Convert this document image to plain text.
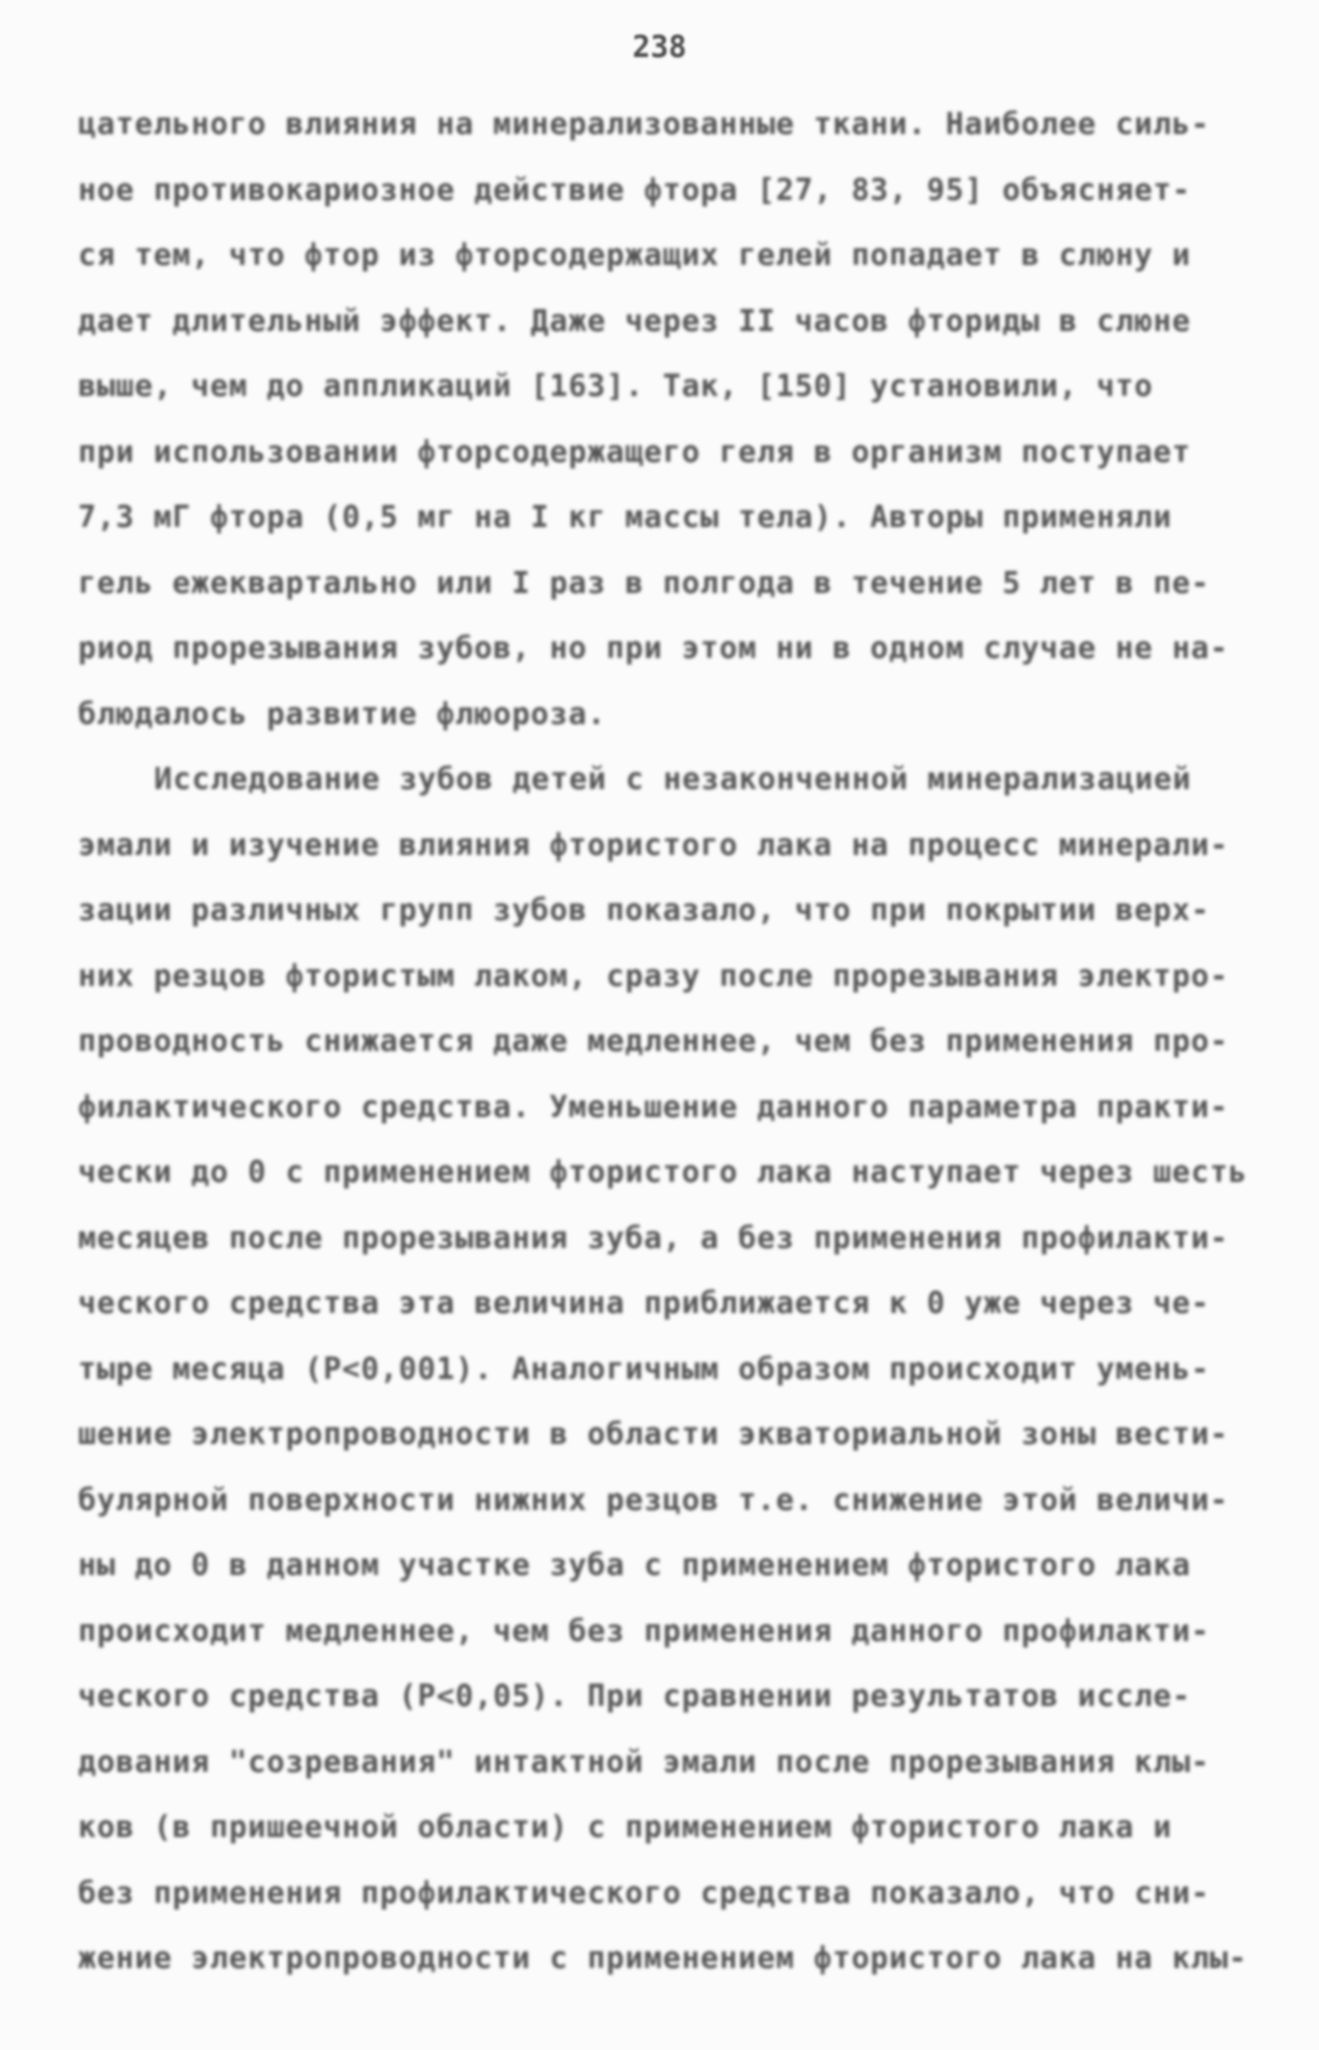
238
цательного влияния на минерализованные ткани. Наиболее силь-
ное противокариозное действие фтора [27, 83, 95] объясняет-
ся тем, что фтор из фторсодержащих гелей попадает в слюну и
дает длительный эффект. Даже через II часов фториды в слюне
выше, чем до аппликаций [163]. Так, [150] установили, что
при использовании фторсодержащего геля в организм поступает
7,3 мГ фтора (0,5 мг на I кг массы тела). Авторы применяли
гель ежеквартально или I раз в полгода в течение 5 лет в пе-
риод прорезывания зубов, но при этом ни в одном случае не на-
блюдалось развитие флюороза.
Исследование зубов детей с незаконченной минерализацией
эмали и изучение влияния фтористого лака на процесс минерали-
зации различных групп зубов показало, что при покрытии верх-
них резцов фтористым лаком, сразу после прорезывания электро-
проводность снижается даже медленнее, чем без применения про-
филактического средства. Уменьшение данного параметра практи-
чески до 0 с применением фтористого лака наступает через шесть
месяцев после прорезывания зуба, а без применения профилакти-
ческого средства эта величина приближается к 0 уже через че-
тыре месяца (P<0,001). Аналогичным образом происходит умень-
шение электропроводности в области экваториальной зоны вести-
булярной поверхности нижних резцов т.е. снижение этой величи-
ны до 0 в данном участке зуба с применением фтористого лака
происходит медленнее, чем без применения данного профилакти-
ческого средства (P<0,05). При сравнении результатов иссле-
дования "созревания" интактной эмали после прорезывания клы-
ков (в пришеечной области) с применением фтористого лака и
без применения профилактического средства показало, что сни-
жение электропроводности с применением фтористого лака на клы-
